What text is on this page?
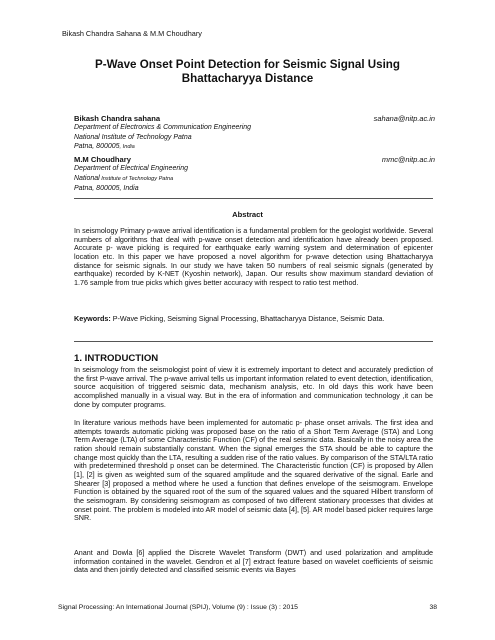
Bikash Chandra Sahana & M.M Choudhary
P-Wave Onset Point Detection for Seismic Signal Using
Bhattacharyya Distance
Bikash Chandra sahana	sahana@nitp.ac.in
Department of Electronics & Communication Engineering
National Institute of Technology Patna
Patna, 800005, India
M.M Choudhary	mmc@nitp.ac.in
Department of Electrical Engineering
National Institute of Technology Patna
Patna, 800005, India
Abstract
In seismology Primary p-wave arrival identification is a fundamental problem for the geologist worldwide. Several numbers of algorithms that deal with p-wave onset detection and identification have already been proposed. Accurate p- wave picking is required for earthquake early warning system and determination of epicenter location etc. In this paper we have proposed a novel algorithm for p-wave detection using Bhattacharyya distance for seismic signals. In our study we have taken 50 numbers of real seismic signals (generated by earthquake) recorded by K-NET (Kyoshin network), Japan. Our results show maximum standard deviation of 1.76 sample from true picks which gives better accuracy with respect to ratio test method.
Keywords: P-Wave Picking, Seisming Signal Processing, Bhattacharyya Distance, Seismic Data.
1. INTRODUCTION
In seismology from the seismologist point of view it is extremely important to detect and accurately prediction of the first P-wave arrival. The p-wave arrival tells us important information related to event detection, identification, source acquisition of triggered seismic data, mechanism analysis, etc. In old days this work have been accomplished manually in a visual way. But in the era of information and communication technology ,it can be done by computer programs.
In literature various methods have been implemented for automatic p- phase onset arrivals. The first idea and attempts towards automatic picking was proposed base on the ratio of a Short Term Average (STA) and Long Term Average (LTA) of some Characteristic Function (CF) of the real seismic data. Basically in the noisy area the ration should remain substantially constant. When the signal emerges the STA should be able to capture the change most quickly than the LTA, resulting a sudden rise of the ratio values. By comparison of the STA/LTA ratio with predetermined threshold p onset can be determined. The Characteristic function (CF) is proposed by Allen [1], [2] is given as weighted sum of the squared amplitude and the squared derivative of the signal. Earle and Shearer [3] proposed a method where he used a function that defines envelope of the seismogram. Envelope Function is obtained by the squared root of the sum of the squared values and the squared Hilbert transform of the seismogram. By considering seismogram as composed of two different stationary processes that divides at onset point. The problem is modeled into AR model of seismic data [4], [5]. AR model based picker requires large SNR.
Anant and Dowla [6] applied the Discrete Wavelet Transform (DWT) and used polarization and amplitude information contained in the wavelet. Gendron et al [7] extract feature based on wavelet coefficients of seismic data and then jointly detected and classified seismic events via Bayes
Signal Processing: An International Journal (SPIJ), Volume (9) : Issue (3) : 2015	38
